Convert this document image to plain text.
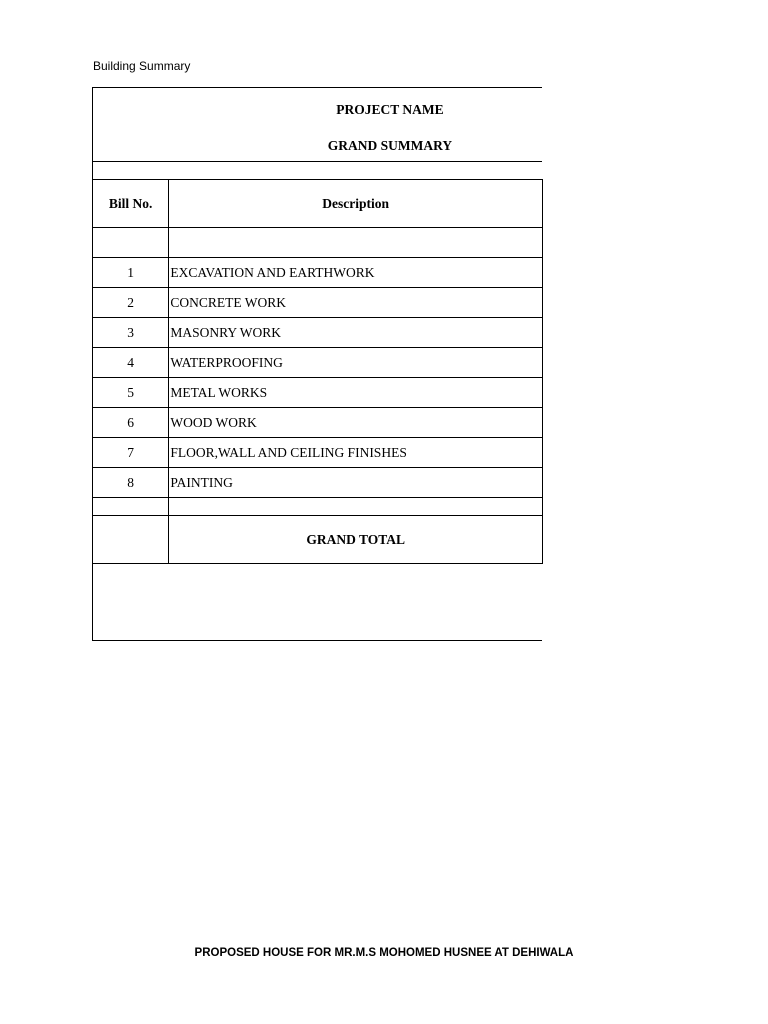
Building Summary
PROJECT NAME
GRAND SUMMARY
Bill No.	Description

1	EXCAVATION AND EARTHWORK
2	CONCRETE WORK
3	MASONRY WORK
4	WATERPROOFING
5	METAL WORKS
6	WOOD WORK
7	FLOOR,WALL AND CEILING FINISHES
8	PAINTING

	GRAND TOTAL
PROPOSED HOUSE FOR MR.M.S MOHOMED HUSNEE AT DEHIWALA
